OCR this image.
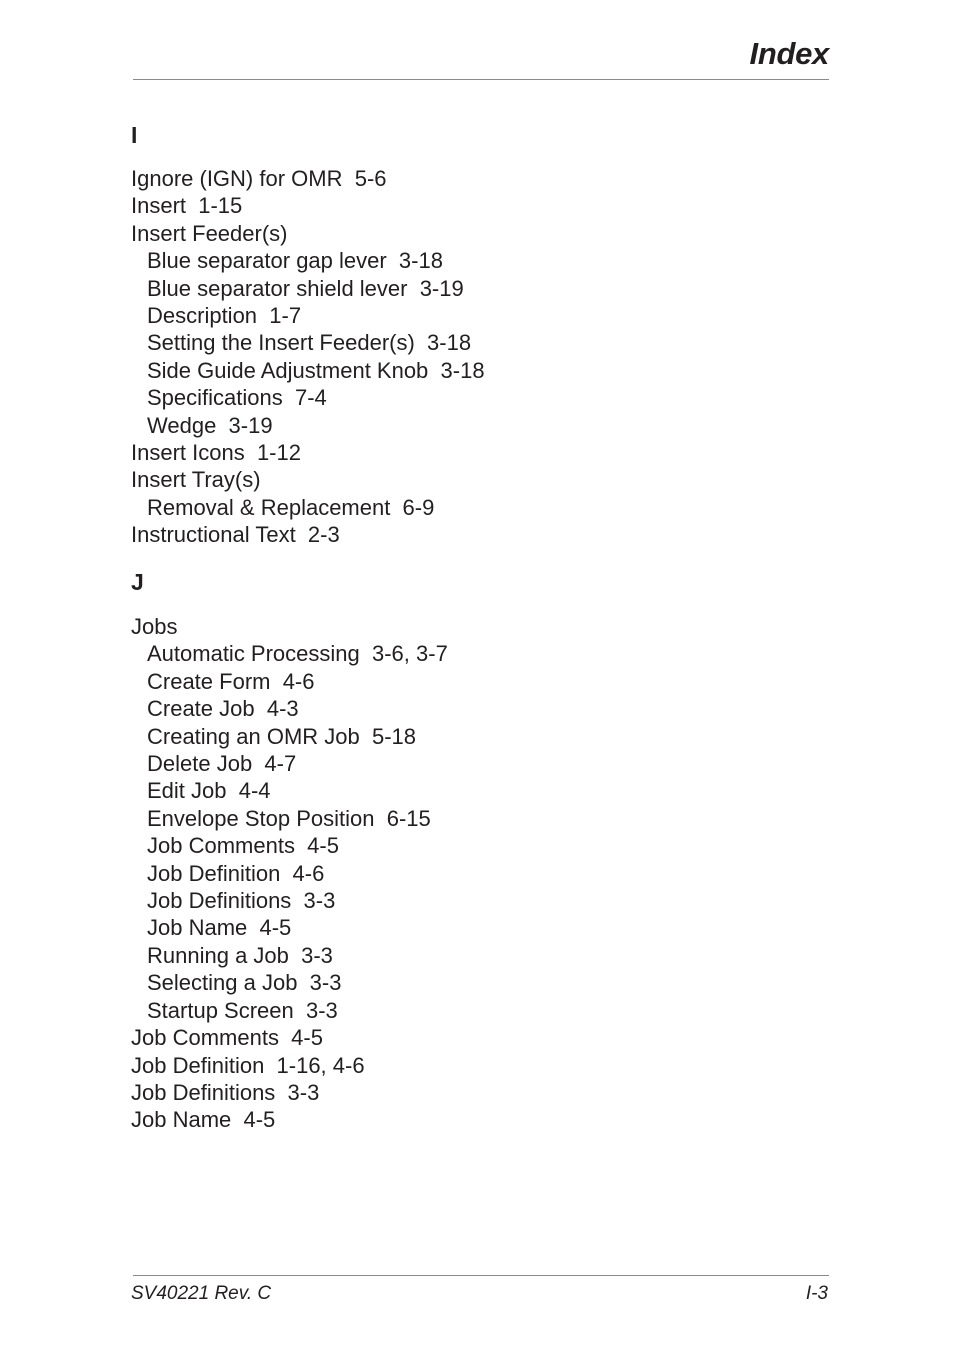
Index
I
Ignore (IGN) for OMR  5-6
Insert  1-15
Insert Feeder(s)
Blue separator gap lever  3-18
Blue separator shield lever  3-19
Description  1-7
Setting the Insert Feeder(s)  3-18
Side Guide Adjustment Knob  3-18
Specifications  7-4
Wedge  3-19
Insert Icons  1-12
Insert Tray(s)
Removal & Replacement  6-9
Instructional Text  2-3
J
Jobs
Automatic Processing  3-6, 3-7
Create Form  4-6
Create Job  4-3
Creating an OMR Job  5-18
Delete Job  4-7
Edit Job  4-4
Envelope Stop Position  6-15
Job Comments  4-5
Job Definition  4-6
Job Definitions  3-3
Job Name  4-5
Running a Job  3-3
Selecting a Job  3-3
Startup Screen  3-3
Job Comments  4-5
Job Definition  1-16, 4-6
Job Definitions  3-3
Job Name  4-5
SV40221 Rev. C	I-3
